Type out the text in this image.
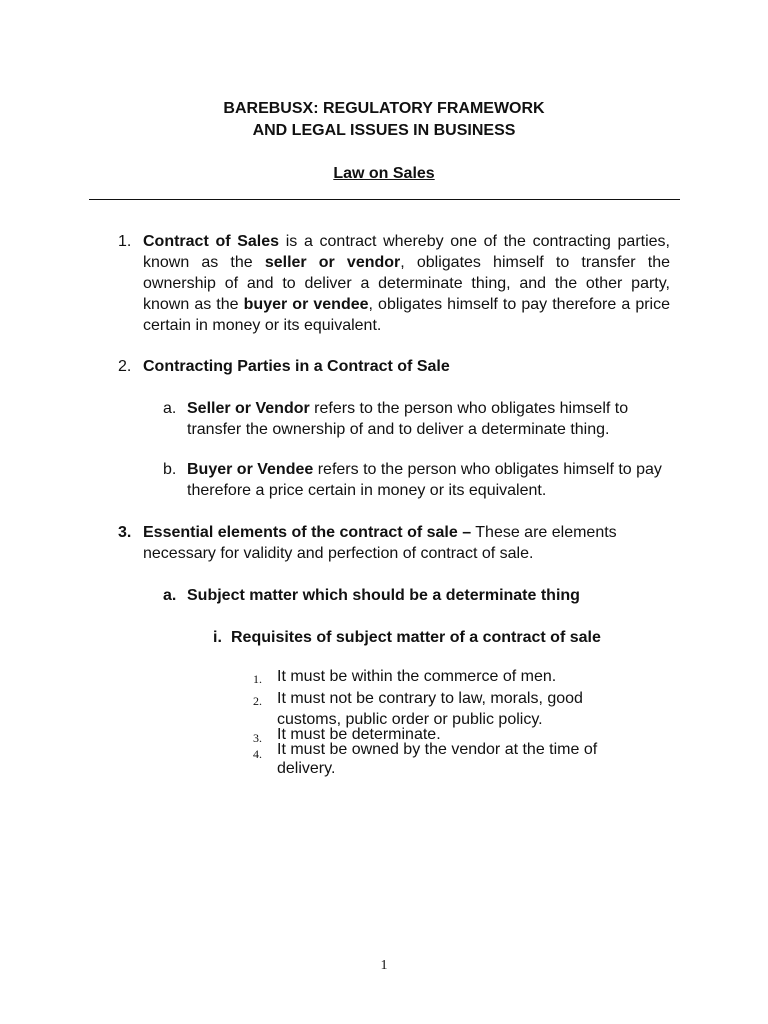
BAREBUSX: REGULATORY FRAMEWORK
AND LEGAL ISSUES IN BUSINESS
Law on Sales
1. Contract of Sales is a contract whereby one of the contracting parties, known as the seller or vendor, obligates himself to transfer the ownership of and to deliver a determinate thing, and the other party, known as the buyer or vendee, obligates himself to pay therefore a price certain in money or its equivalent.
2. Contracting Parties in a Contract of Sale
a. Seller or Vendor refers to the person who obligates himself to transfer the ownership of and to deliver a determinate thing.
b. Buyer or Vendee refers to the person who obligates himself to pay therefore a price certain in money or its equivalent.
3. Essential elements of the contract of sale – These are elements necessary for validity and perfection of contract of sale.
a. Subject matter which should be a determinate thing
i. Requisites of subject matter of a contract of sale
1. It must be within the commerce of men.
2. It must not be contrary to law, morals, good
customs, public order or public policy.
3. It must be determinate.
4. It must be owned by the vendor at the time of
delivery.
1
